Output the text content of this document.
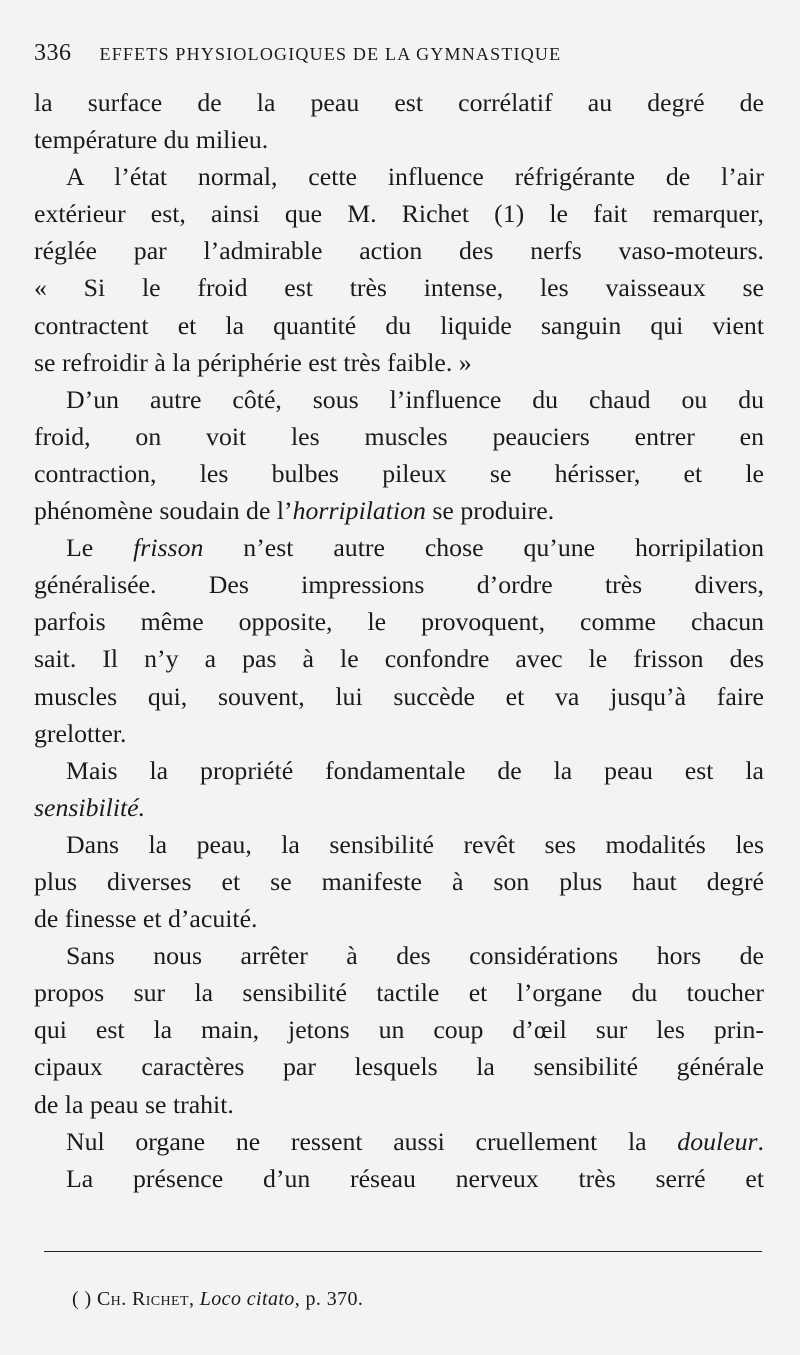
336 EFFETS PHYSIOLOGIQUES DE LA GYMNASTIQUE
la surface de la peau est corrélatif au degré de
température du milieu.
A l’état normal, cette influence réfrigérante de l’air
extérieur est, ainsi que M. Richet (1) le fait remarquer,
réglée par l’admirable action des nerfs vaso-moteurs.
« Si le froid est très intense, les vaisseaux se
contractent et la quantité du liquide sanguin qui vient
se refroidir à la périphérie est très faible. »
D’un autre côté, sous l’influence du chaud ou du
froid, on voit les muscles peauciers entrer en
contraction, les bulbes pileux se hérisser, et le
phénomène soudain de l’horripilation se produire.
Le frisson n’est autre chose qu’une horripilation
généralisée. Des impressions d’ordre très divers,
parfois même opposite, le provoquent, comme chacun
sait. Il n’y a pas à le confondre avec le frisson des
muscles qui, souvent, lui succède et va jusqu’à faire
grelotter.
Mais la propriété fondamentale de la peau est la
sensibilité.
Dans la peau, la sensibilité revêt ses modalités les
plus diverses et se manifeste à son plus haut degré
de finesse et d’acuité.
Sans nous arrêter à des considérations hors de
propos sur la sensibilité tactile et l’organe du toucher
qui est la main, jetons un coup d’œil sur les prin-
cipaux caractères par lesquels la sensibilité générale
de la peau se trahit.
Nul organe ne ressent aussi cruellement la douleur.
La présence d’un réseau nerveux très serré et
( ) Ch. Richet, Loco citato, p. 370.
